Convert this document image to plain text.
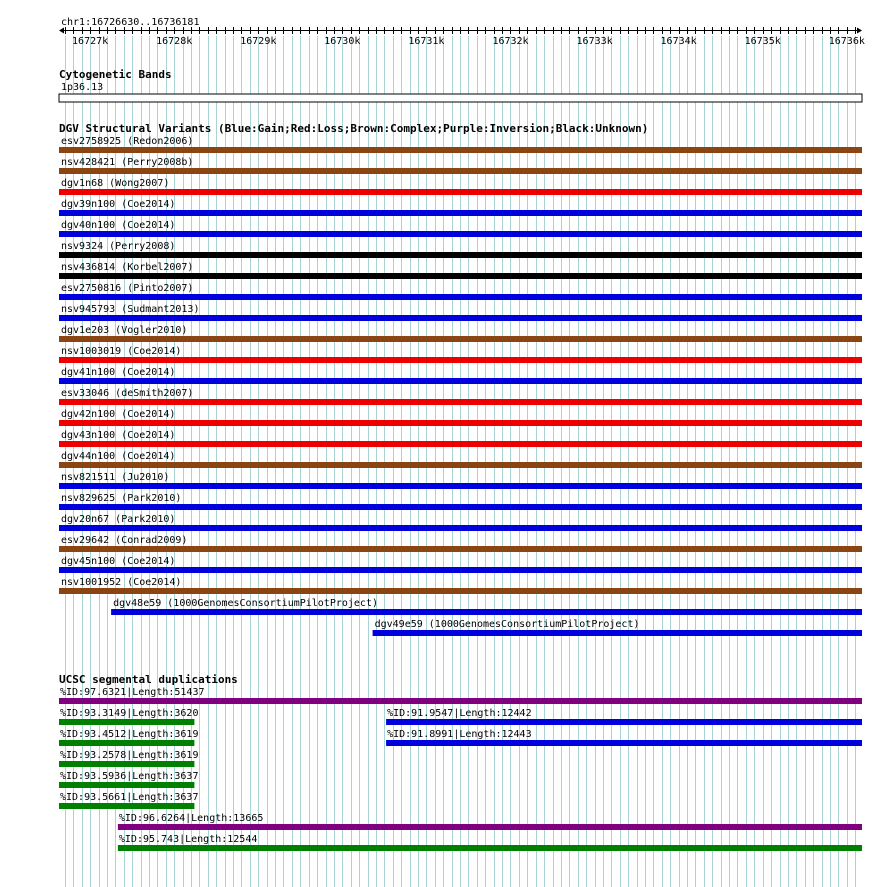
chr1:16726630..16736181
16727k	16728k	16729k	16730k	16731k	16732k	16733k	16734k	16735k	16736k
Cytogenetic Bands
1p36.13
DGV Structural Variants (Blue:Gain;Red:Loss;Brown:Complex;Purple:Inversion;Black:Unknown)
esv2758925 (Redon2006)
nsv428421 (Perry2008b)
dgv1n68 (Wong2007)
dgv39n100 (Coe2014)
dgv40n100 (Coe2014)
nsv9324 (Perry2008)
nsv436814 (Korbel2007)
esv2750816 (Pinto2007)
nsv945793 (Sudmant2013)
dgv1e203 (Vogler2010)
nsv1003019 (Coe2014)
dgv41n100 (Coe2014)
esv33046 (deSmith2007)
dgv42n100 (Coe2014)
dgv43n100 (Coe2014)
dgv44n100 (Coe2014)
nsv821511 (Ju2010)
nsv829625 (Park2010)
dgv20n67 (Park2010)
esv29642 (Conrad2009)
dgv45n100 (Coe2014)
nsv1001952 (Coe2014)
dgv48e59 (1000GenomesConsortiumPilotProject)
dgv49e59 (1000GenomesConsortiumPilotProject)
UCSC segmental duplications
%ID:97.6321|Length:51437
%ID:93.3149|Length:3620	%ID:91.9547|Length:12442
%ID:93.4512|Length:3619	%ID:91.8991|Length:12443
%ID:93.2578|Length:3619
%ID:93.5936|Length:3637
%ID:93.5661|Length:3637
%ID:96.6264|Length:13665
%ID:95.743|Length:12544
